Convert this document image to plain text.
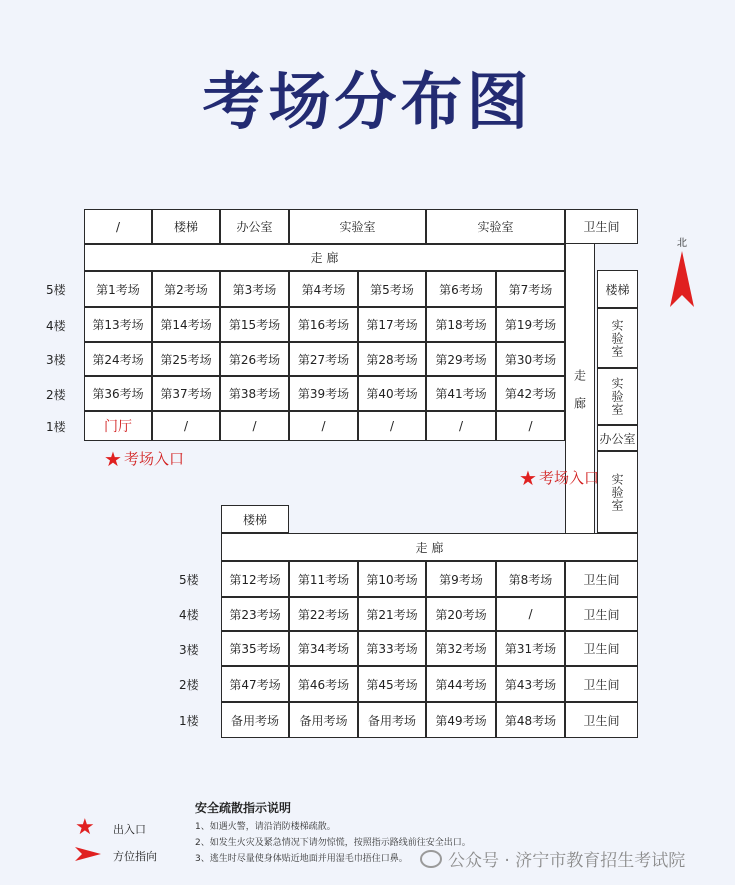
考场分布图
/	楼梯	办公室	实验室	实验室	卫生间
走 廊
5楼	第1考场	第2考场	第3考场	第4考场	第5考场	第6考场	第7考场
4楼	第13考场	第14考场	第15考场	第16考场	第17考场	第18考场	第19考场
3楼	第24考场	第25考场	第26考场	第27考场	第28考场	第29考场	第30考场
2楼	第36考场	第37考场	第38考场	第39考场	第40考场	第41考场	第42考场
1楼	门厅	/	/	/	/	/	/
走 廊
楼梯
实验室
实验室
办公室
实验室
楼梯
走 廊
5楼	第12考场	第11考场	第10考场	第9考场	第8考场	卫生间
4楼	第23考场	第22考场	第21考场	第20考场	/	卫生间
3楼	第35考场	第34考场	第33考场	第32考场	第31考场	卫生间
2楼	第47考场	第46考场	第45考场	第44考场	第43考场	卫生间
1楼	备用考场	备用考场	备用考场	第49考场	第48考场	卫生间
★ 考场入口
★ 考场入口
北
★ 出入口
方位指向
安全疏散指示说明
1、如遇火警，请沿消防楼梯疏散。
2、如发生火灾及紧急情况下请勿惊慌，按照指示路线前往安全出口。
3、逃生时尽量使身体贴近地面并用湿毛巾捂住口鼻。 公众号 · 济宁市教育招生考试院
